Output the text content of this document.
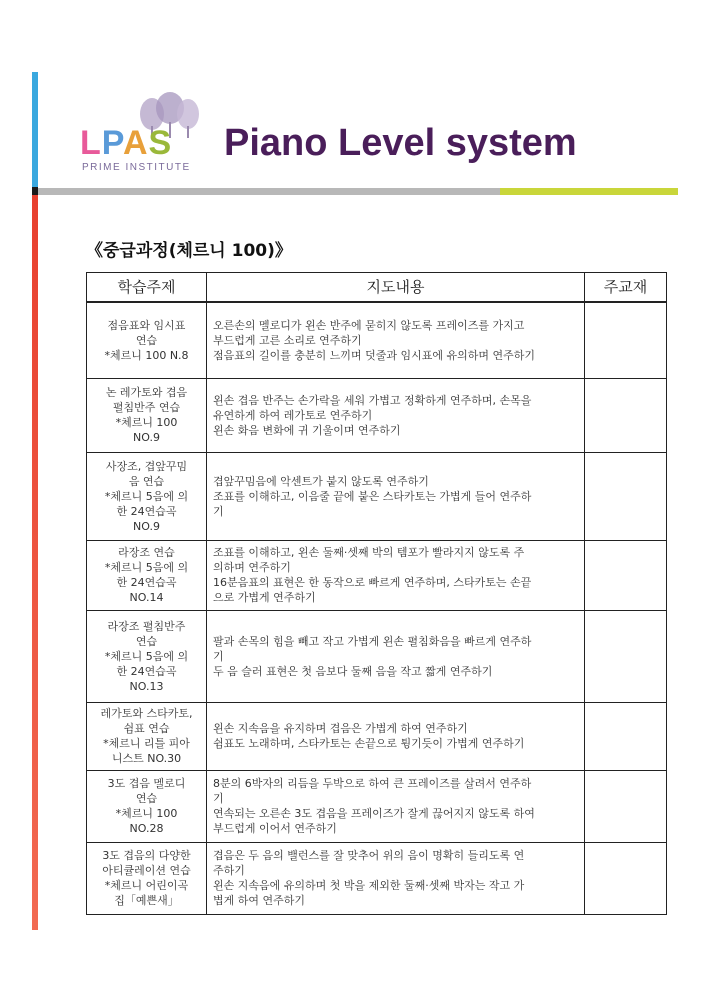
LPAS
PRIME INSTITUTE
Piano Level system
《중급과정(체르니 100)》
학습주제	지도내용	주교재

점음표와 임시표
연습
*체르니 100 N.8	오른손의 멜로디가 왼손 반주에 묻히지 않도록 프레이즈를 가지고
부드럽게 고른 소리로 연주하기
점음표의 길이를 충분히 느끼며 덧줄과 임시표에 유의하며 연주하기	

논 레가토와 겹음
펼침반주 연습
*체르니 100
NO.9	왼손 겹음 반주는 손가락을 세워 가볍고 정확하게 연주하며, 손목을
유연하게 하여 레가토로 연주하기
왼손 화음 변화에 귀 기울이며 연주하기	

사장조, 겹앞꾸밈
음 연습
*체르니 5음에 의
한 24연습곡
NO.9	겹앞꾸밈음에 악센트가 붙지 않도록 연주하기
조표를 이해하고, 이음줄 끝에 붙은 스타카토는 가볍게 들어 연주하
기	

라장조 연습
*체르니 5음에 의
한 24연습곡
NO.14	조표를 이해하고, 왼손 둘째·셋째 박의 템포가 빨라지지 않도록 주
의하며 연주하기
16분음표의 표현은 한 동작으로 빠르게 연주하며, 스타카토는 손끝
으로 가볍게 연주하기	

라장조 펼침반주
연습
*체르니 5음에 의
한 24연습곡
NO.13	팔과 손목의 힘을 빼고 작고 가볍게 왼손 펼침화음을 빠르게 연주하
기
두 음 슬러 표현은 첫 음보다 둘째 음을 작고 짧게 연주하기	

레가토와 스타카토,
쉼표 연습
*체르니 리틀 피아
니스트 NO.30	왼손 지속음을 유지하며 겹음은 가볍게 하여 연주하기
쉼표도 노래하며, 스타카토는 손끝으로 튕기듯이 가볍게 연주하기	

3도 겹음 멜로디
연습
*체르니 100
NO.28	8분의 6박자의 리듬을 두박으로 하여 큰 프레이즈를 살려서 연주하
기
연속되는 오른손 3도 겹음을 프레이즈가 잘게 끊어지지 않도록 하여
부드럽게 이어서 연주하기	

3도 겹음의 다양한
아티큘레이션 연습
*체르니 어린이곡
집「예쁜새」	겹음은 두 음의 밸런스를 잘 맞추어 위의 음이 명확히 들리도록 연
주하기
왼손 지속음에 유의하며 첫 박을 제외한 둘째·셋째 박자는 작고 가
볍게 하여 연주하기	
